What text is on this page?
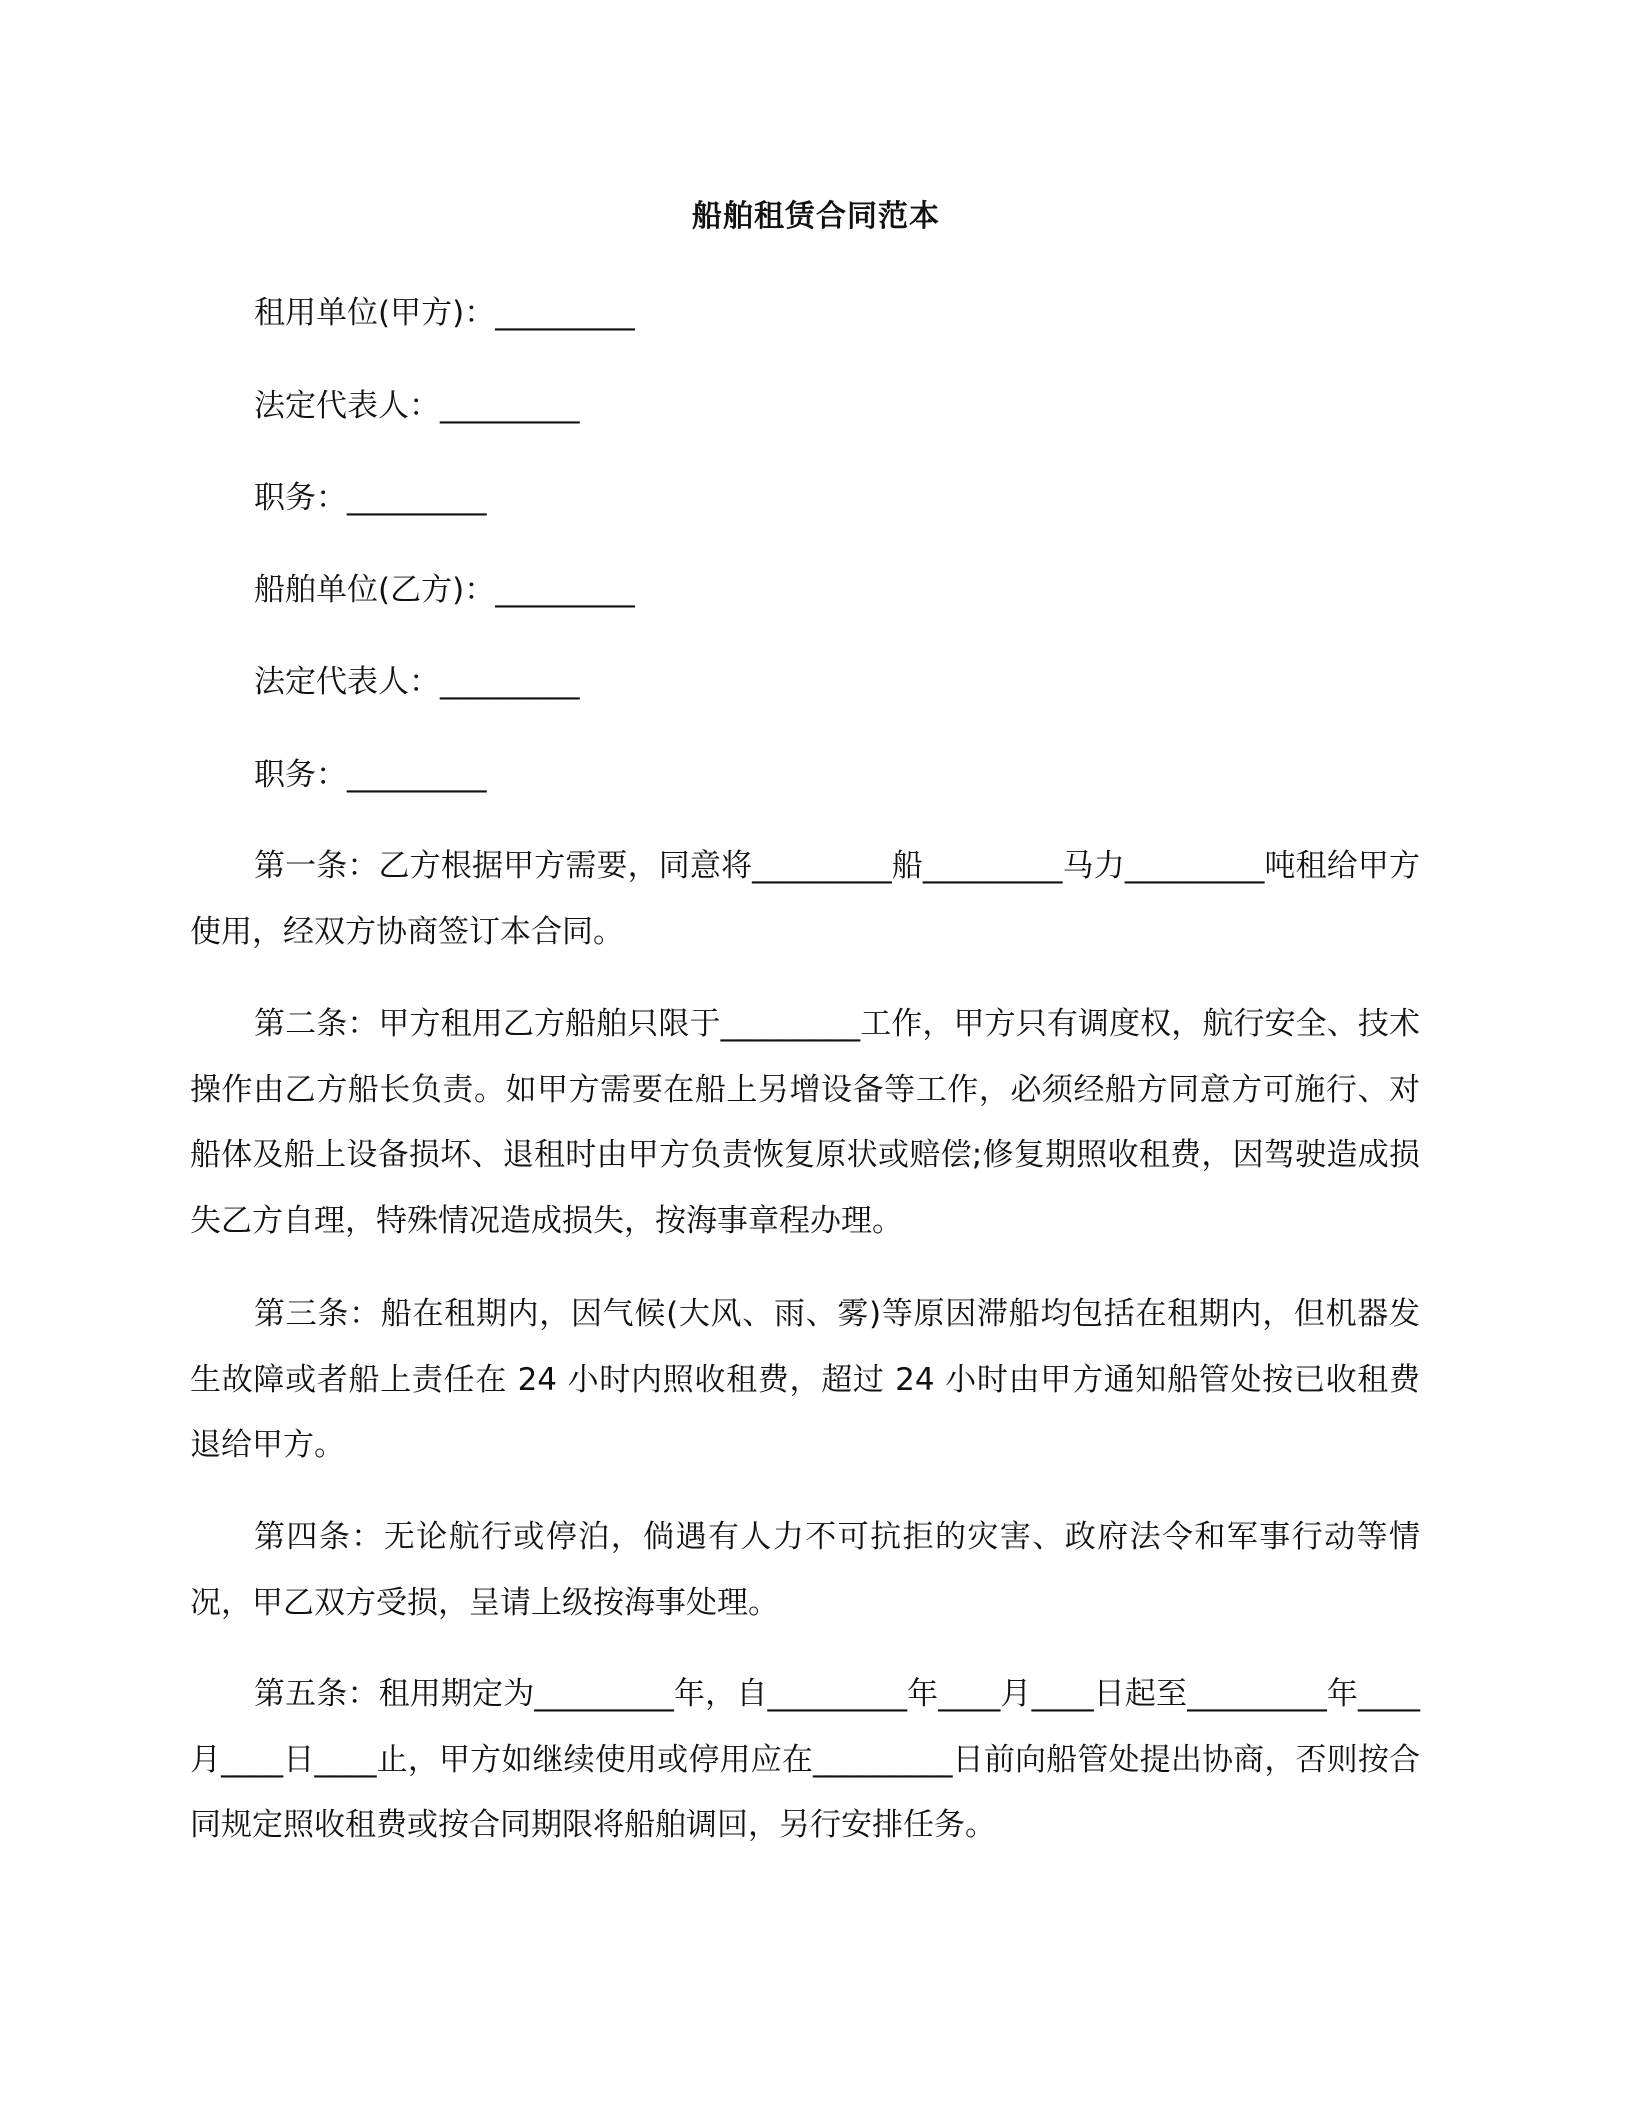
船舶租赁合同范本
租用单位(甲方)：_________
法定代表人：_________
职务：_________
船舶单位(乙方)：_________
法定代表人：_________
职务：_________
第一条：乙方根据甲方需要，同意将_________船_________马力_________吨租给甲方使用，经双方协商签订本合同。
第二条：甲方租用乙方船舶只限于_________工作，甲方只有调度权，航行安全、技术操作由乙方船长负责。如甲方需要在船上另增设备等工作，必须经船方同意方可施行、对船体及船上设备损坏、退租时由甲方负责恢复原状或赔偿;修复期照收租费，因驾驶造成损失乙方自理，特殊情况造成损失，按海事章程办理。
第三条：船在租期内，因气候(大风、雨、雾)等原因滞船均包括在租期内，但机器发生故障或者船上责任在 24 小时内照收租费，超过 24 小时由甲方通知船管处按已收租费退给甲方。
第四条：无论航行或停泊，倘遇有人力不可抗拒的灾害、政府法令和军事行动等情况，甲乙双方受损，呈请上级按海事处理。
第五条：租用期定为_________年，自_________年____月____日起至_________年____月____日____止，甲方如继续使用或停用应在_________日前向船管处提出协商，否则按合同规定照收租费或按合同期限将船舶调回，另行安排任务。
